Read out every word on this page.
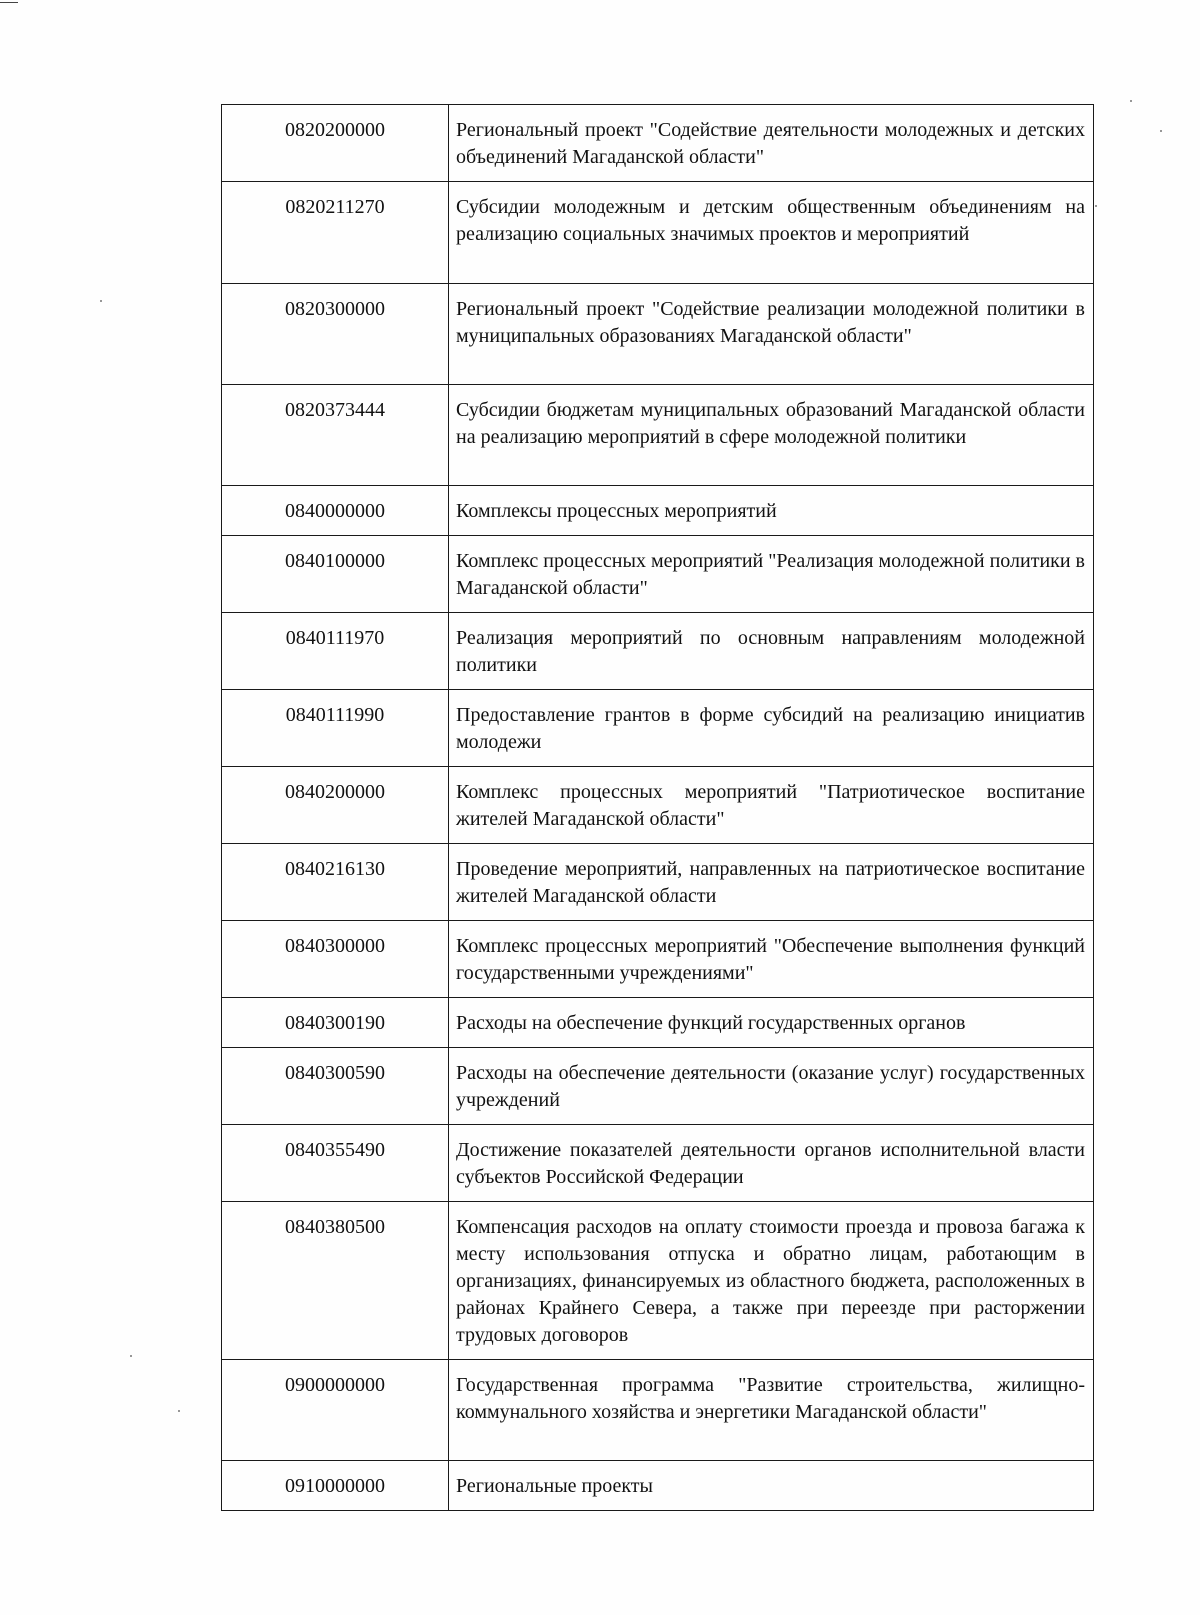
0820200000	Региональный проект "Содействие деятельности молодежных и детских объединений Магаданской области"
0820211270	Субсидии молодежным и детским общественным объединениям на реализацию социальных значимых проектов и мероприятий
0820300000	Региональный проект "Содействие реализации молодежной политики в муниципальных образованиях Магаданской области"
0820373444	Субсидии бюджетам муниципальных образований Магаданской области на реализацию мероприятий в сфере молодежной политики
0840000000	Комплексы процессных мероприятий
0840100000	Комплекс процессных мероприятий "Реализация молодежной политики в Магаданской области"
0840111970	Реализация мероприятий по основным направлениям молодежной политики
0840111990	Предоставление грантов в форме субсидий на реализацию инициатив молодежи
0840200000	Комплекс процессных мероприятий "Патриотическое воспитание жителей Магаданской области"
0840216130	Проведение мероприятий, направленных на патриотическое воспитание жителей Магаданской области
0840300000	Комплекс процессных мероприятий "Обеспечение выполнения функций государственными учреждениями"
0840300190	Расходы на обеспечение функций государственных органов
0840300590	Расходы на обеспечение деятельности (оказание услуг) государственных учреждений
0840355490	Достижение показателей деятельности органов исполнительной власти субъектов Российской Федерации
0840380500	Компенсация расходов на оплату стоимости проезда и провоза багажа к месту использования отпуска и обратно лицам, работающим в организациях, финансируемых из областного бюджета, расположенных в районах Крайнего Севера, а также при переезде при расторжении трудовых договоров
0900000000	Государственная программа "Развитие строительства, жилищно-коммунального хозяйства и энергетики Магаданской области"
0910000000	Региональные проекты
